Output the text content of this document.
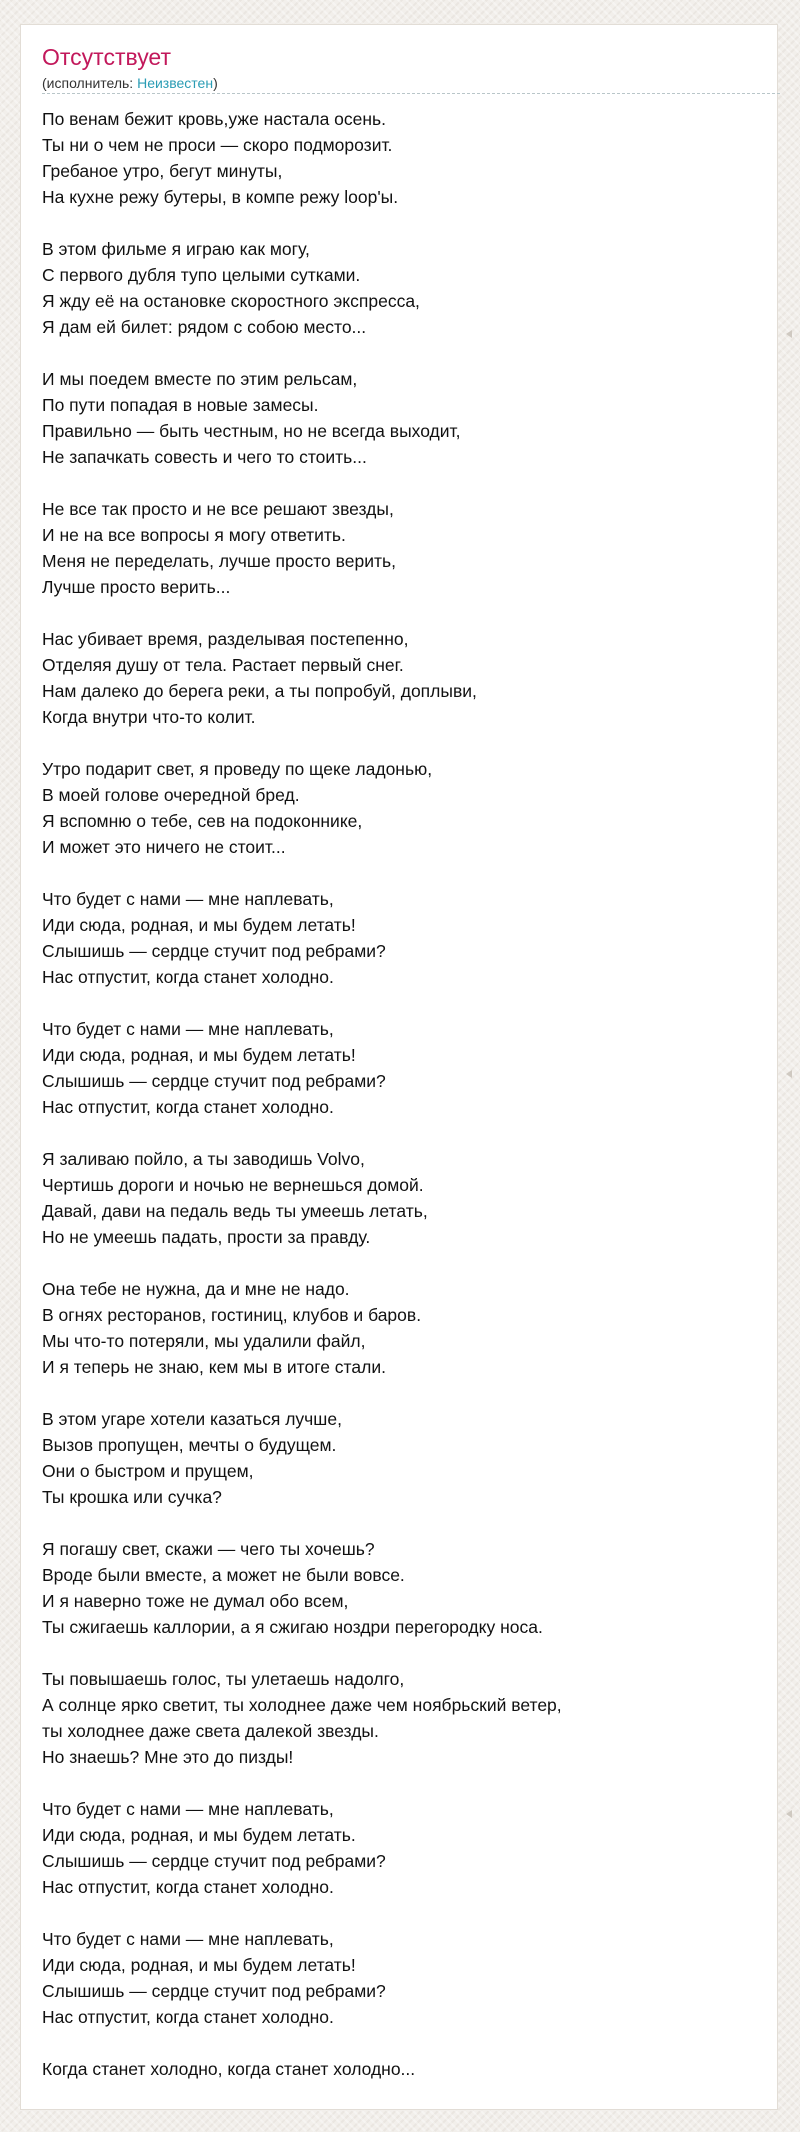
Отсутствует
(исполнитель: Неизвестен)
По венам бежит кровь,уже настала осень.
Ты ни о чем не проси — скоро подморозит.
Гребаное утро, бегут минуты,
На кухне режу бутеры, в компе режу loop'ы.
В этом фильме я играю как могу,
С первого дубля тупо целыми сутками.
Я жду её на остановке скоростного экспресса,
Я дам ей билет: рядом с собою место...
И мы поедем вместе по этим рельсам,
По пути попадая в новые замесы.
Правильно — быть честным, но не всегда выходит,
Не запачкать совесть и чего то стоить...
Не все так просто и не все решают звезды,
И не на все вопросы я могу ответить.
Меня не переделать, лучше просто верить,
Лучше просто верить...
Нас убивает время, разделывая постепенно,
Отделяя душу от тела. Растает первый снег.
Нам далеко до берега реки, а ты попробуй, доплыви,
Когда внутри что-то колит.
Утро подарит свет, я проведу по щеке ладонью,
В моей голове очередной бред.
Я вспомню о тебе, сев на подоконнике,
И может это ничего не стоит...
Что будет с нами — мне наплевать,
Иди сюда, родная, и мы будем летать!
Слышишь — сердце стучит под ребрами?
Нас отпустит, когда станет холодно.
Что будет с нами — мне наплевать,
Иди сюда, родная, и мы будем летать!
Слышишь — сердце стучит под ребрами?
Нас отпустит, когда станет холодно.
Я заливаю пойло, а ты заводишь Volvo,
Чертишь дороги и ночью не вернешься домой.
Давай, дави на педаль ведь ты умеешь летать,
Но не умеешь падать, прости за правду.
Она тебе не нужна, да и мне не надо.
В огнях ресторанов, гостиниц, клубов и баров.
Мы что-то потеряли, мы удалили файл,
И я теперь не знаю, кем мы в итоге стали.
В этом угаре хотели казаться лучше,
Вызов пропущен, мечты о будущем.
Они о быстром и прущем,
Ты крошка или сучка?
Я погашу свет, скажи — чего ты хочешь?
Вроде были вместе, а может не были вовсе.
И я наверно тоже не думал обо всем,
Ты сжигаешь каллории, а я сжигаю ноздри перегородку носа.
Ты повышаешь голос, ты улетаешь надолго,
А солнце ярко светит, ты холоднее даже чем ноябрьский ветер,
ты холоднее даже света далекой звезды.
Но знаешь? Мне это до пизды!
Что будет с нами — мне наплевать,
Иди сюда, родная, и мы будем летать.
Слышишь — сердце стучит под ребрами?
Нас отпустит, когда станет холодно.
Что будет с нами — мне наплевать,
Иди сюда, родная, и мы будем летать!
Слышишь — сердце стучит под ребрами?
Нас отпустит, когда станет холодно.
Когда станет холодно, когда станет холодно...
